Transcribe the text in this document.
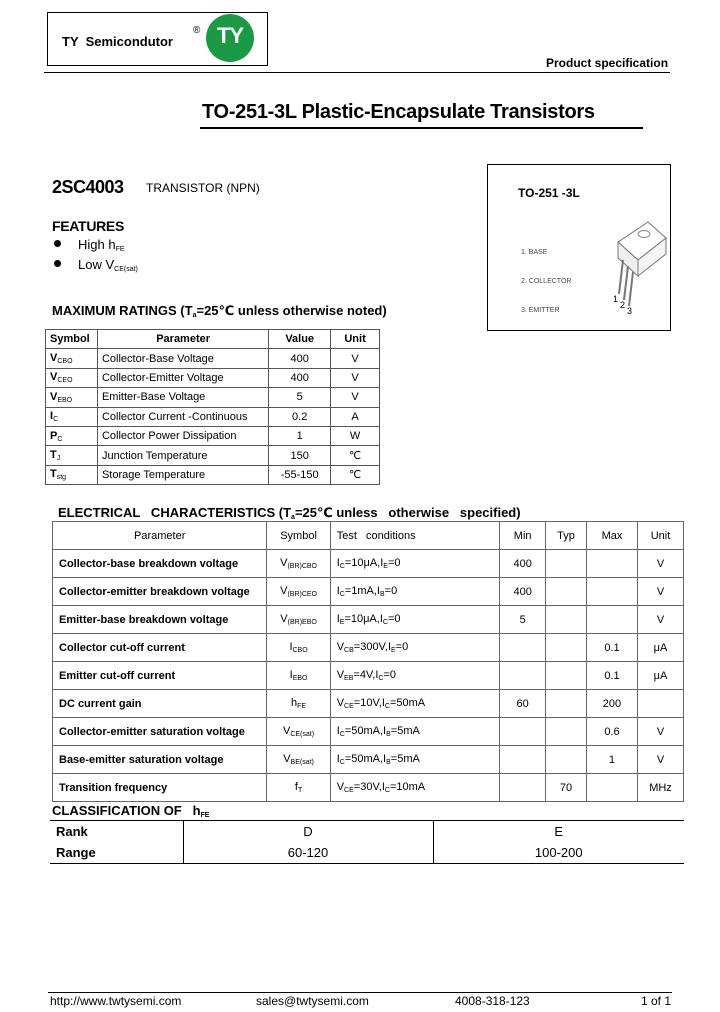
TY  Semicondutor
® TY
Product specification
TO-251-3L Plastic-Encapsulate Transistors
2SC4003 TRANSISTOR (NPN)	TO-251 -3L
1. BASE
2. COLLECTOR
3. EMITTER
1
2
3
FEATURES
High $h_{FE}$
Low $V_{CE(sat)}$
MAXIMUM RATINGS ($T_a=25℃$ unless otherwise noted)
Symbol	Parameter	Value	Unit
$V_{CBO}$	Collector-Base Voltage	400	V
$V_{CEO}$	Collector-Emitter Voltage	400	V
$V_{EBO}$	Emitter-Base Voltage	5	V
$I_C$	Collector Current -Continuous	0.2	A
$P_C$	Collector Power Dissipation	1	W
$T_J$	Junction Temperature	150	℃
$T_{stg}$	Storage Temperature	-55-150	℃
ELECTRICAL   CHARACTERISTICS ($T_a=25℃$ unless   otherwise   specified)
Parameter	Symbol	Test   conditions	Min	Typ	Max	Unit
Collector-base breakdown voltage	$V_{(BR)CBO}$	$I_C=10\mu A,I_E=0$	400			V
Collector-emitter breakdown voltage	$V_{(BR)CEO}$	$I_C=1mA,I_B=0$	400			V
Emitter-base breakdown voltage	$V_{(BR)EBO}$	$I_E=10\mu A,I_C=0$	5			V
Collector cut-off current	$I_{CBO}$	$V_{CB}=300V,I_E=0$			0.1	μA
Emitter cut-off current	$I_{EBO}$	$V_{EB}=4V,I_C=0$			0.1	μA
DC current gain	$h_{FE}$	$V_{CE}=10V,I_C=50mA$	60		200	
Collector-emitter saturation voltage	$V_{CE(sat)}$	$I_C=50mA,I_B=5mA$			0.6	V
Base-emitter saturation voltage	$V_{BE(sat)}$	$I_C=50mA,I_B=5mA$			1	V
Transition frequency	$f_T$	$V_{CE}=30V,I_C=10mA$		70		MHz
CLASSIFICATION OF   $h_{FE}$
Rank	D	E
Range	60-120	100-200
http://www.twtysemi.com	sales@twtysemi.com	4008-318-123	1 of 1
